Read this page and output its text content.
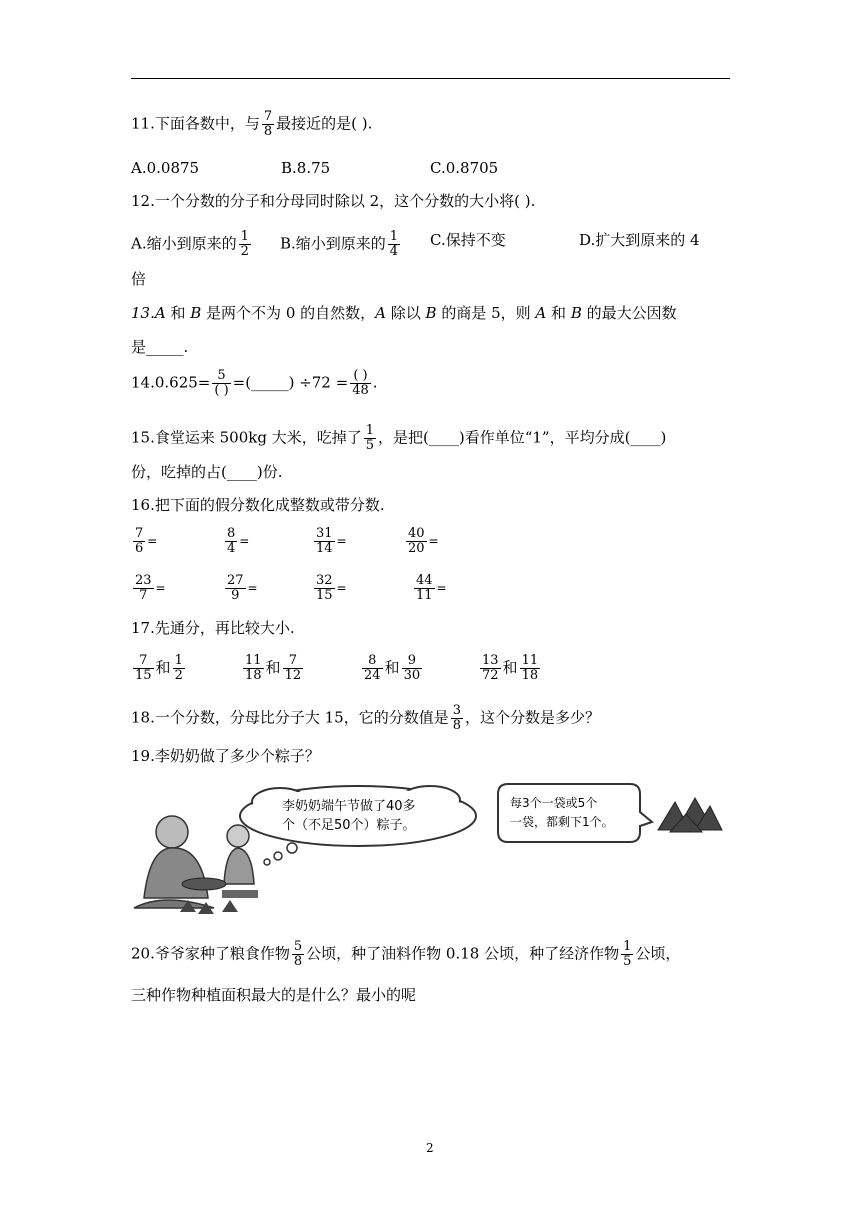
11.下面各数中，与 $\frac{7}{8}$ 最接近的是( ).
A.0.0875	B.8.75	C.0.8705
12.一个分数的分子和分母同时除以 2，这个分数的大小将( ).
A.缩小到原来的 $\frac{1}{2} B$.缩小到原来的 $\frac{1}{4} C$.保持不变	D.扩大到原来的 4
倍
13.A 和 B 是两个不为 0 的自然数，A 除以 B 的商是 5，则 A 和 B 的最大公因数
是_____.
$14.0.625= \frac{5}{( )}$ =(_____) $\div 72 = \frac{( )}{48}$ .
15.食堂运来 500kg 大米，吃掉了 $\frac{1}{5}$ ，是把(____)看作单位“1”，平均分成(____)
份，吃掉的占(____)份.
16.把下面的假分数化成整数或带分数.
$\frac{7}{6}$ =	$\frac{8}{4}$ =	$\frac{31}{14}$ =	$\frac{40}{20}$ =
$\frac{23}{7}$ =	$\frac{27}{9}$ =	$\frac{32}{15}$ =	$\frac{44}{11}$ =
17.先通分，再比较大小.
$\frac{7}{15}$ 和 $\frac{1}{2}$	$\frac{11}{18}$ 和 $\frac{7}{12}$	$\frac{8}{24}$ 和 $\frac{9}{30}$	$\frac{13}{72}$ 和 $\frac{11}{18}$
18.一个分数，分母比分子大 15，它的分数值是 $\frac{3}{8}$ ，这个分数是多少？
19.李奶奶做了多少个粽子？
李奶奶端午节做了40多
个（不足50个）粽子。
每3个一袋或5个
一袋，都剩下1个。
20.爷爷家种了粮食作物 $\frac{5}{8}$ 公顷，种了油料作物 0.18 公顷，种了经济作物 $\frac{1}{5}$ 公顷，
三种作物种植面积最大的是什么？最小的呢
2
